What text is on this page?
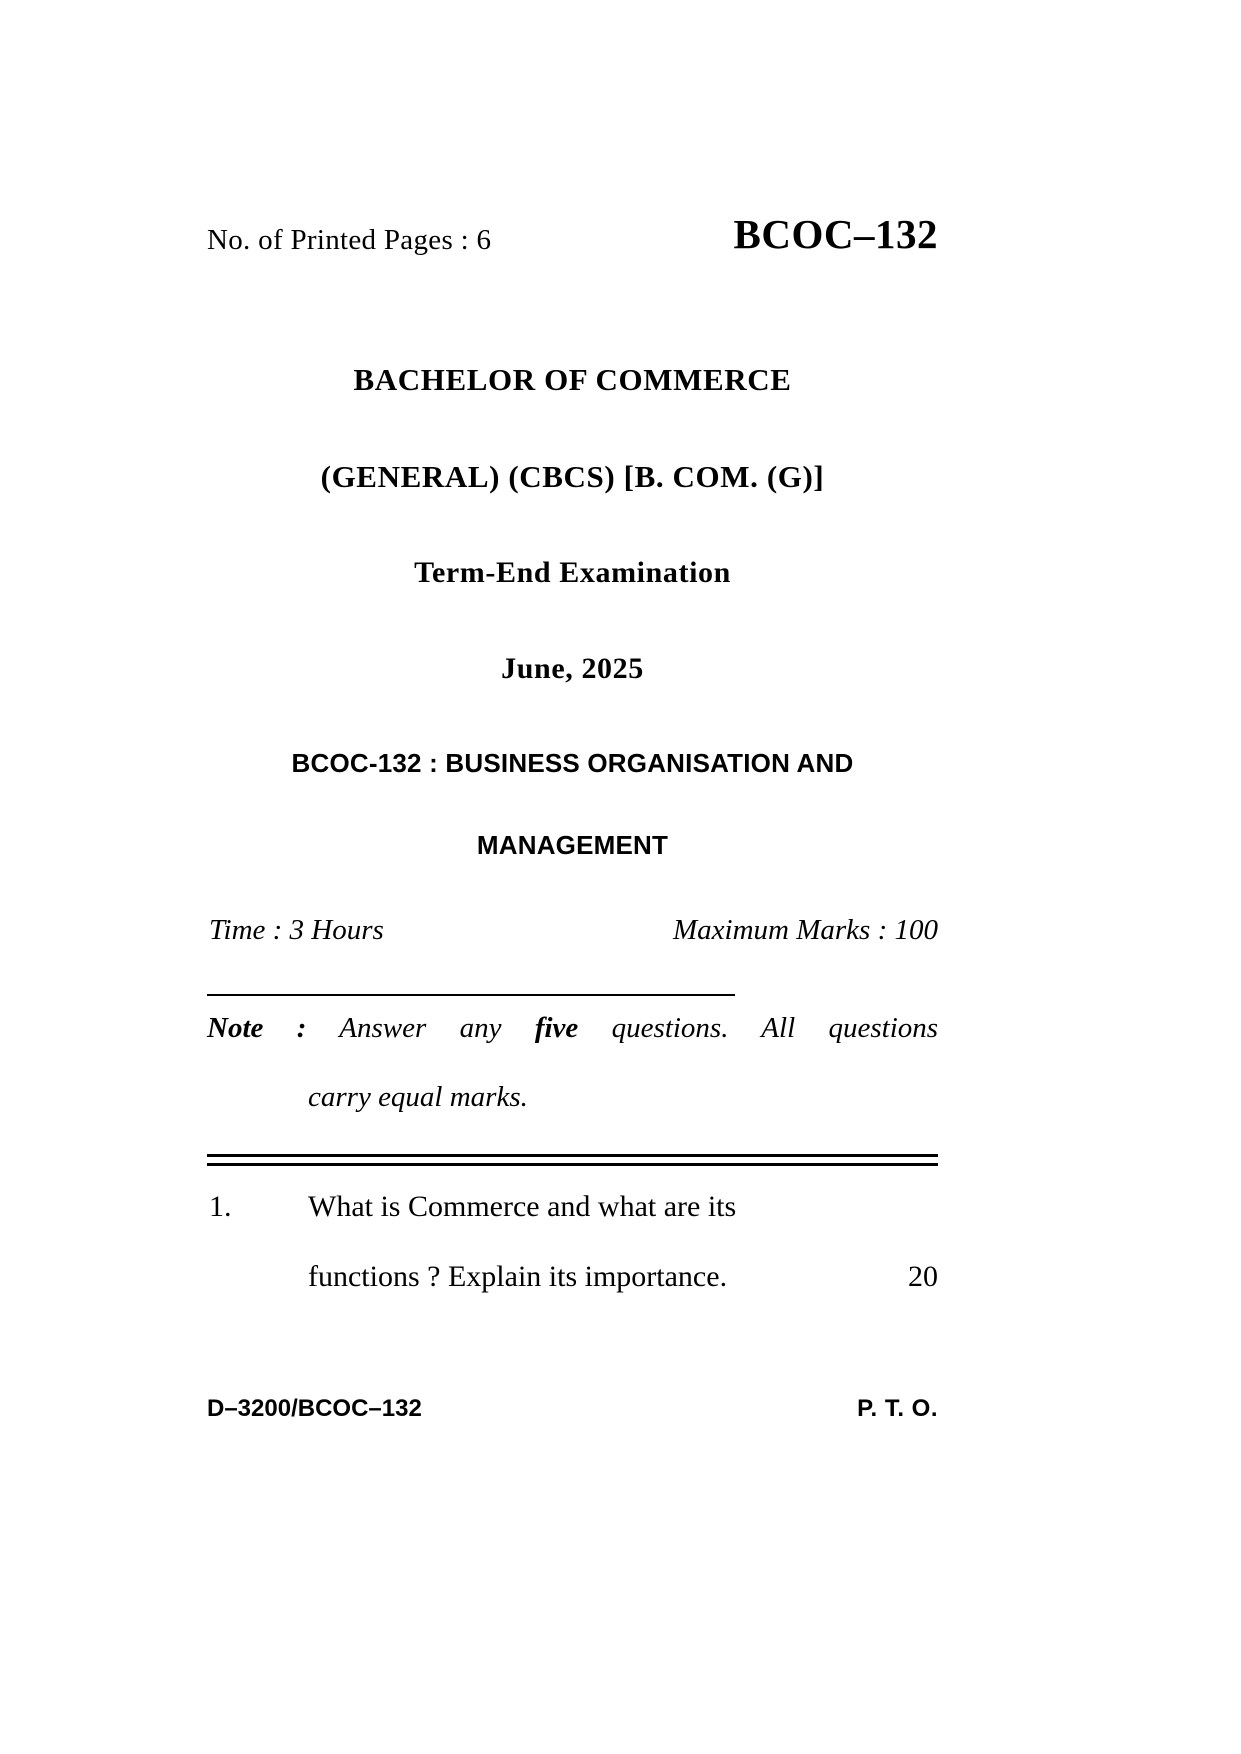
No. of Printed Pages : 6	BCOC–132
BACHELOR OF COMMERCE
(GENERAL) (CBCS) [B. COM. (G)]
Term-End Examination
June, 2025
BCOC-132 : BUSINESS ORGANISATION AND
MANAGEMENT
Time : 3 Hours	Maximum Marks : 100
Note : Answer any five questions. All questions
carry equal marks.
1.	What is Commerce and what are its
functions ? Explain its importance.	20
D–3200/BCOC–132	P. T. O.
